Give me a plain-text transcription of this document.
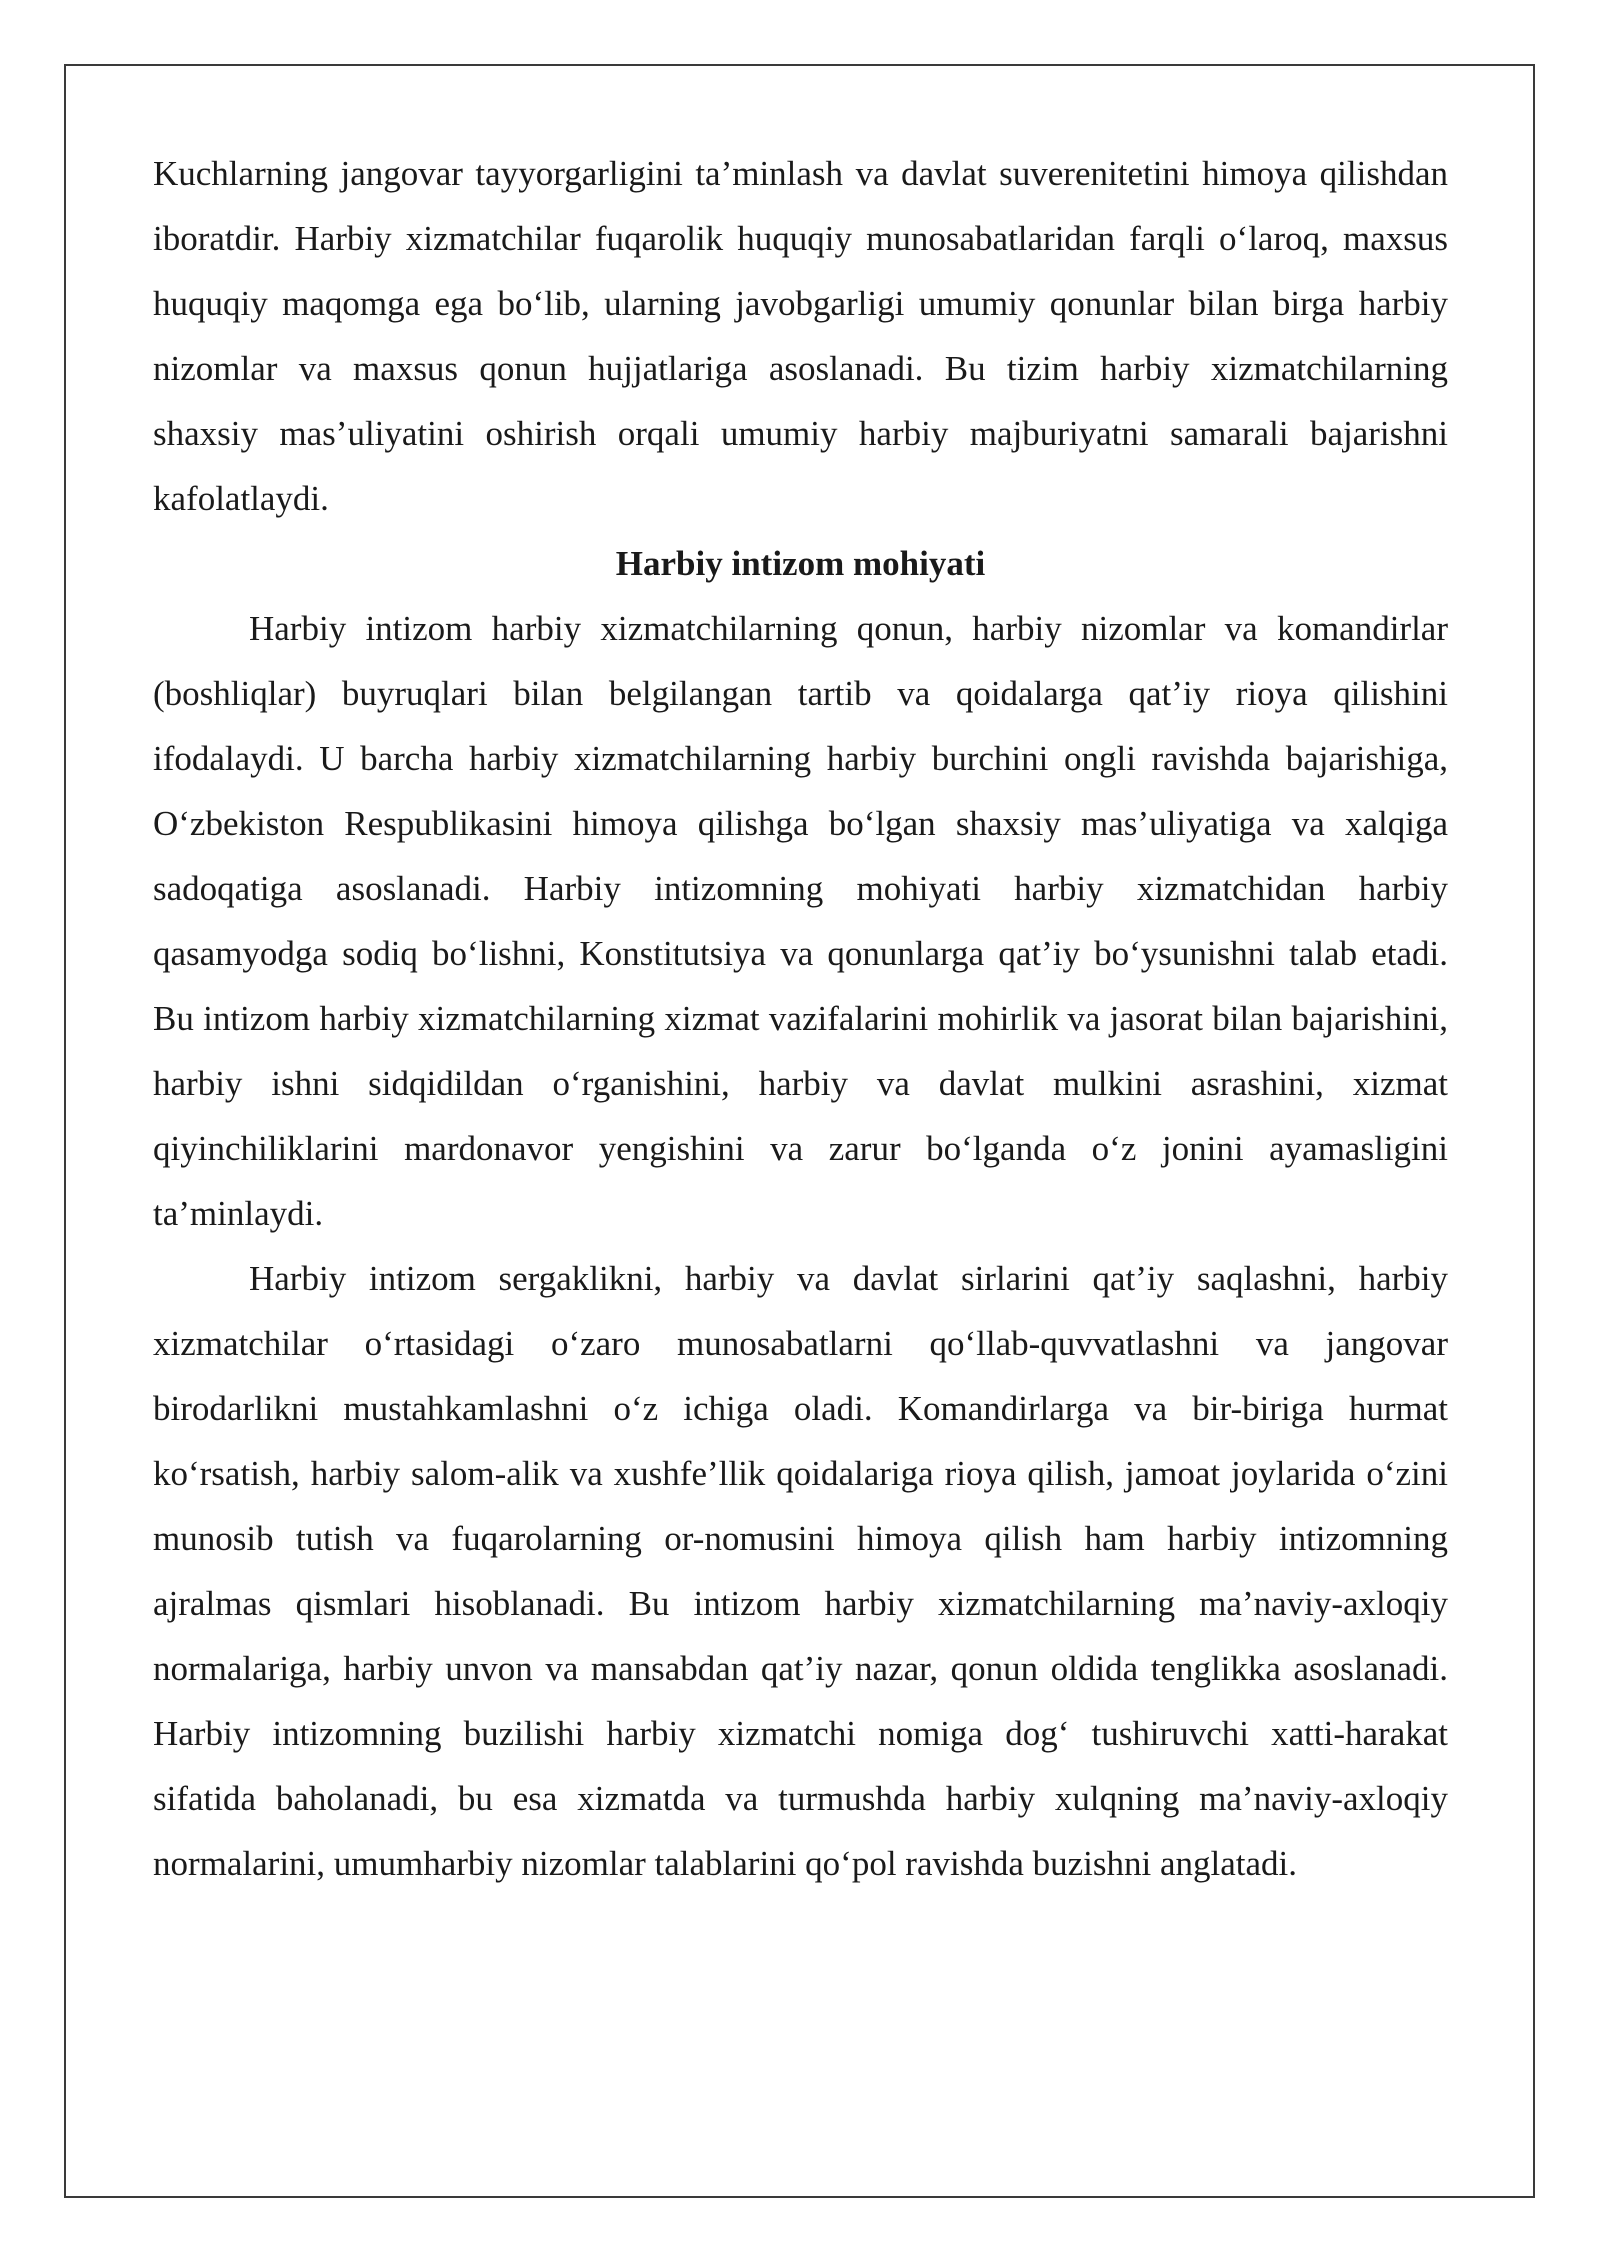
Kuchlarning jangovar tayyorgarligini ta’minlash va davlat suverenitetini himoya qilishdan iboratdir. Harbiy xizmatchilar fuqarolik huquqiy munosabatlaridan farqli o‘laroq, maxsus huquqiy maqomga ega bo‘lib, ularning javobgarligi umumiy qonunlar bilan birga harbiy nizomlar va maxsus qonun hujjatlariga asoslanadi. Bu tizim harbiy xizmatchilarning shaxsiy mas’uliyatini oshirish orqali umumiy harbiy majburiyatni samarali bajarishni kafolatlaydi.

Harbiy intizom mohiyati

Harbiy intizom harbiy xizmatchilarning qonun, harbiy nizomlar va komandirlar (boshliqlar) buyruqlari bilan belgilangan tartib va qoidalarga qat’iy rioya qilishini ifodalaydi. U barcha harbiy xizmatchilarning harbiy burchini ongli ravishda bajarishiga, O‘zbekiston Respublikasini himoya qilishga bo‘lgan shaxsiy mas’uliyatiga va xalqiga sadoqatiga asoslanadi. Harbiy intizomning mohiyati harbiy xizmatchidan harbiy qasamyodga sodiq bo‘lishni, Konstitutsiya va qonunlarga qat’iy bo‘ysunishni talab etadi. Bu intizom harbiy xizmatchilarning xizmat vazifalarini mohirlik va jasorat bilan bajarishini, harbiy ishni sidqidildan o‘rganishini, harbiy va davlat mulkini asrashini, xizmat qiyinchiliklarini mardonavor yengishini va zarur bo‘lganda o‘z jonini ayamasligini ta’minlaydi.

Harbiy intizom sergaklikni, harbiy va davlat sirlarini qat’iy saqlashni, harbiy xizmatchilar o‘rtasidagi o‘zaro munosabatlarni qo‘llab-quvvatlashni va jangovar birodarlikni mustahkamlashni o‘z ichiga oladi. Komandirlarga va bir-biriga hurmat ko‘rsatish, harbiy salom-alik va xushfe’llik qoidalariga rioya qilish, jamoat joylarida o‘zini munosib tutish va fuqarolarning or-nomusini himoya qilish ham harbiy intizomning ajralmas qismlari hisoblanadi. Bu intizom harbiy xizmatchilarning ma’naviy-axloqiy normalariga, harbiy unvon va mansabdan qat’iy nazar, qonun oldida tenglikka asoslanadi. Harbiy intizomning buzilishi harbiy xizmatchi nomiga dog‘ tushiruvchi xatti-harakat sifatida baholanadi, bu esa xizmatda va turmushda harbiy xulqning ma’naviy-axloqiy normalarini, umumharbiy nizomlar talablarini qo‘pol ravishda buzishni anglatadi.
